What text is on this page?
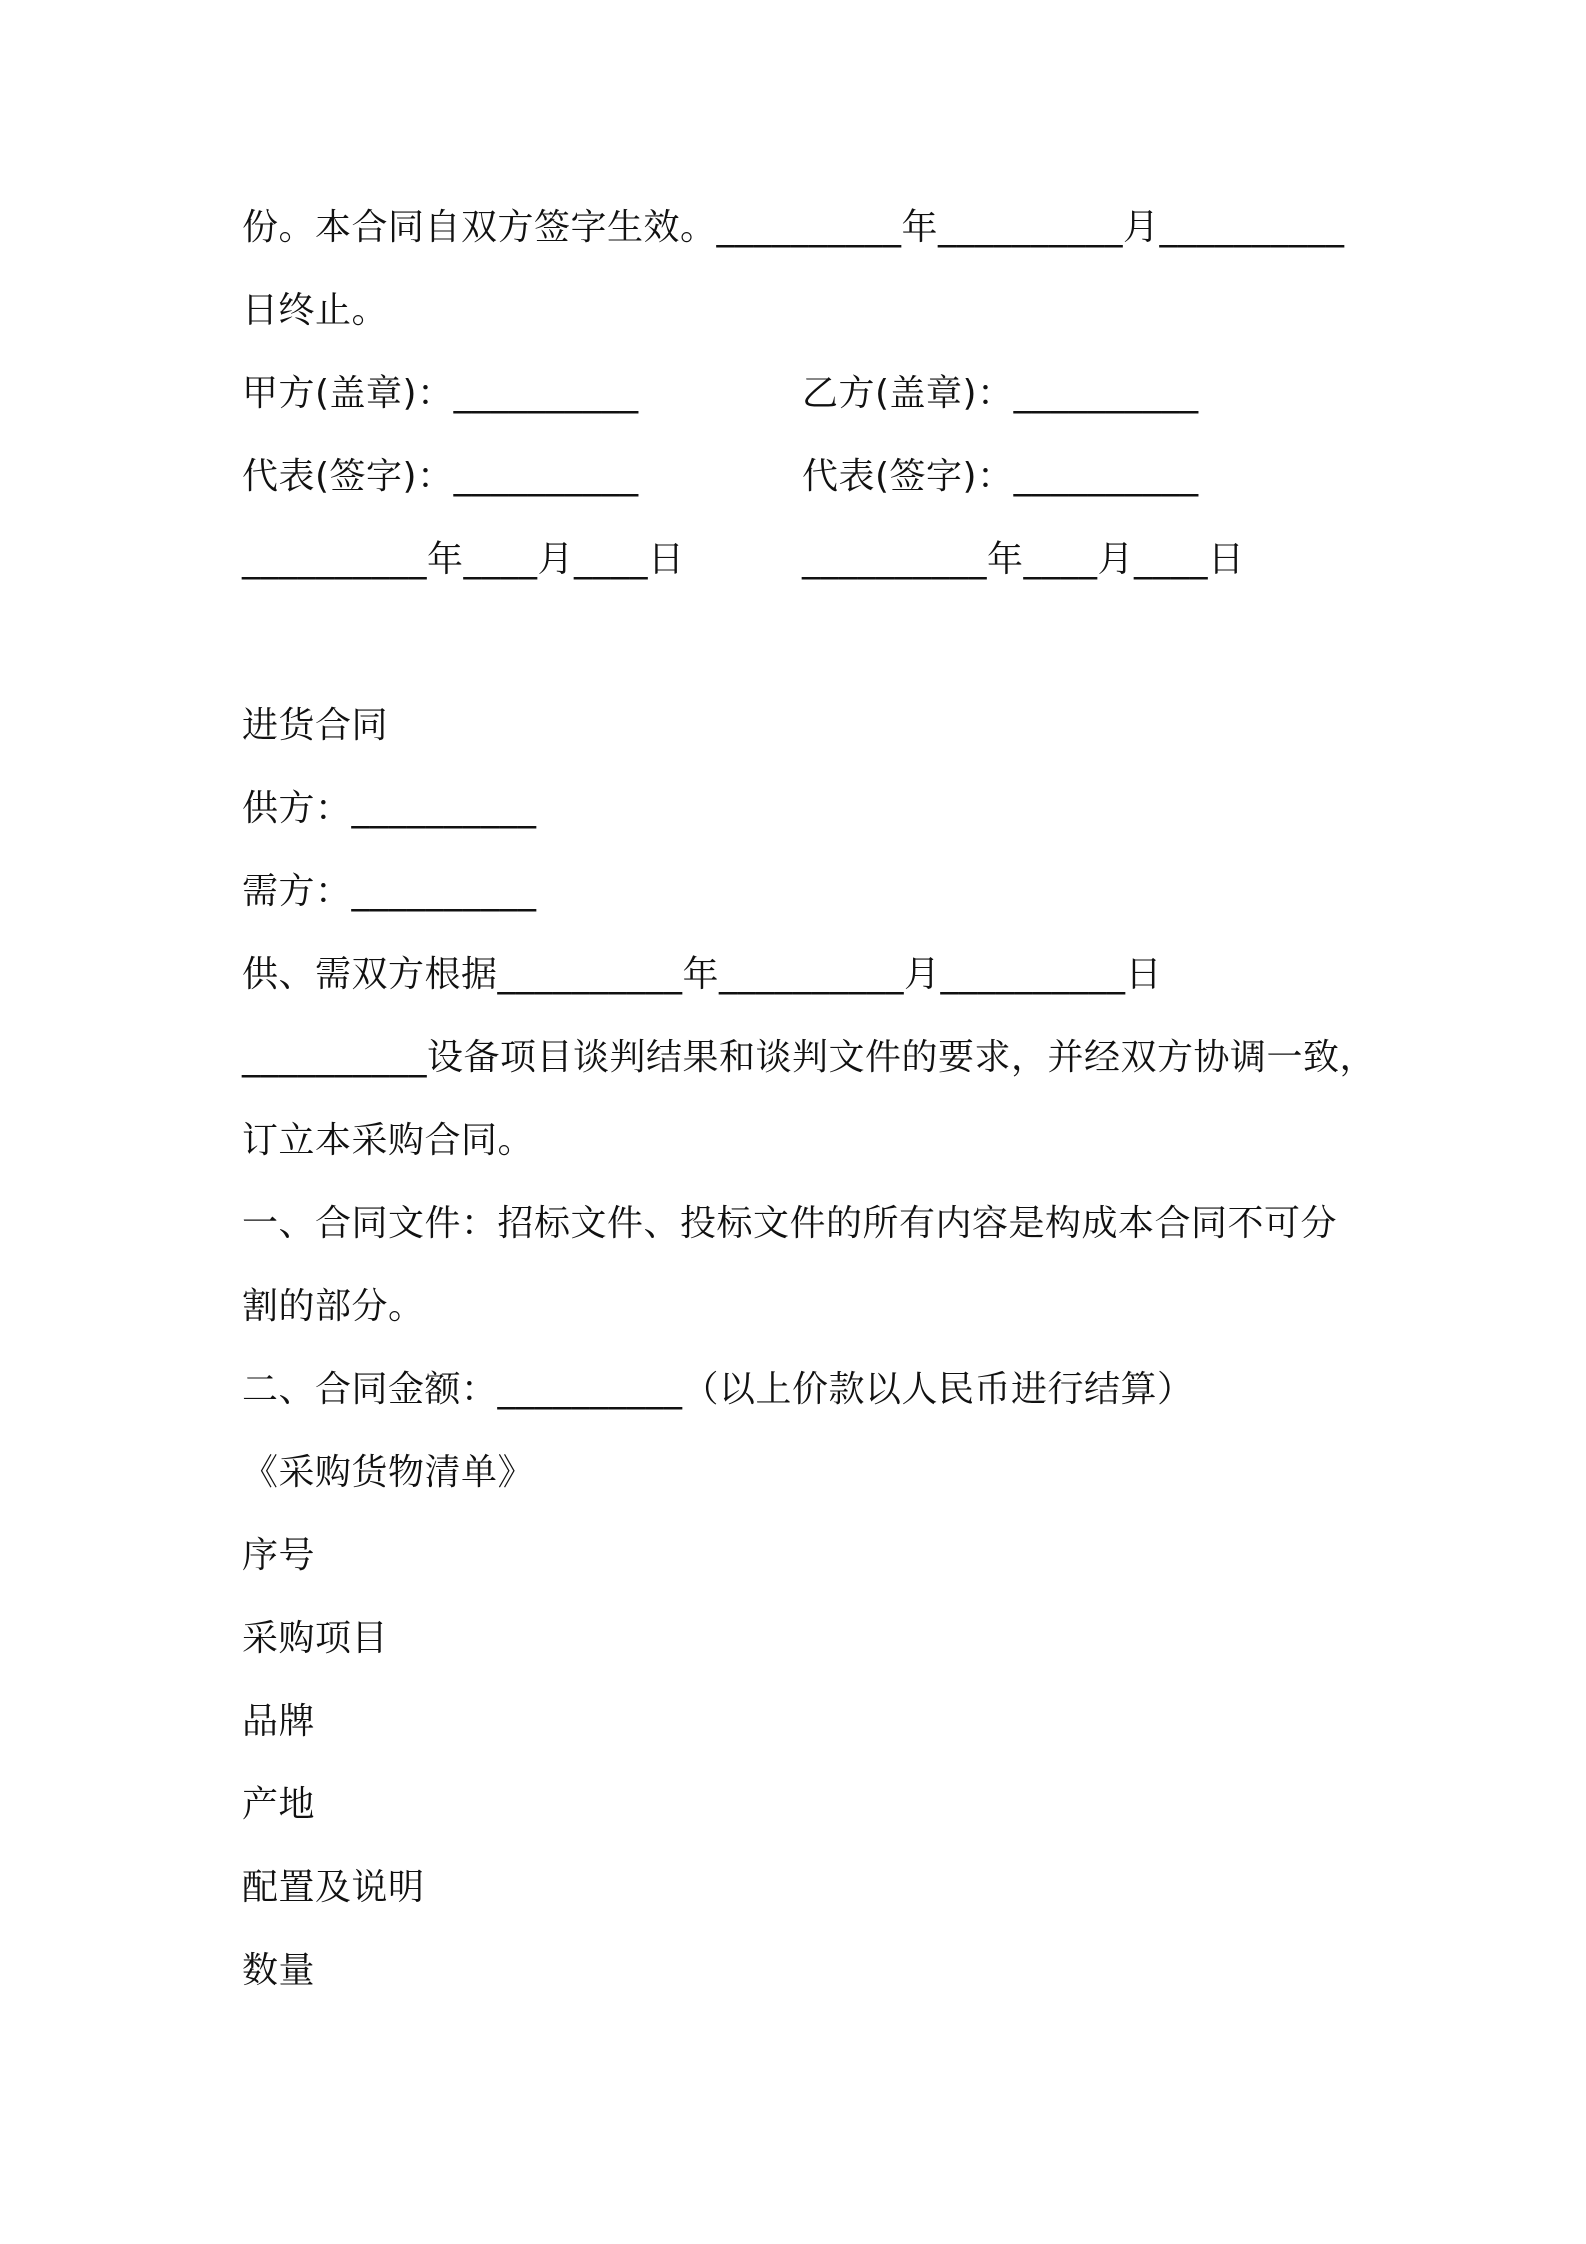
份。本合同自双方签字生效。__________年__________月__________
日终止。
甲方(盖章)：__________	乙方(盖章)：__________
代表(签字)：__________	代表(签字)：__________
__________年____月____日	__________年____月____日
进货合同
供方：__________
需方：__________
供、需双方根据__________年__________月__________日
__________设备项目谈判结果和谈判文件的要求，并经双方协调一致，
订立本采购合同。
一、合同文件：招标文件、投标文件的所有内容是构成本合同不可分
割的部分。
二、合同金额：__________（以上价款以人民币进行结算）
《采购货物清单》
序号
采购项目
品牌
产地
配置及说明
数量
